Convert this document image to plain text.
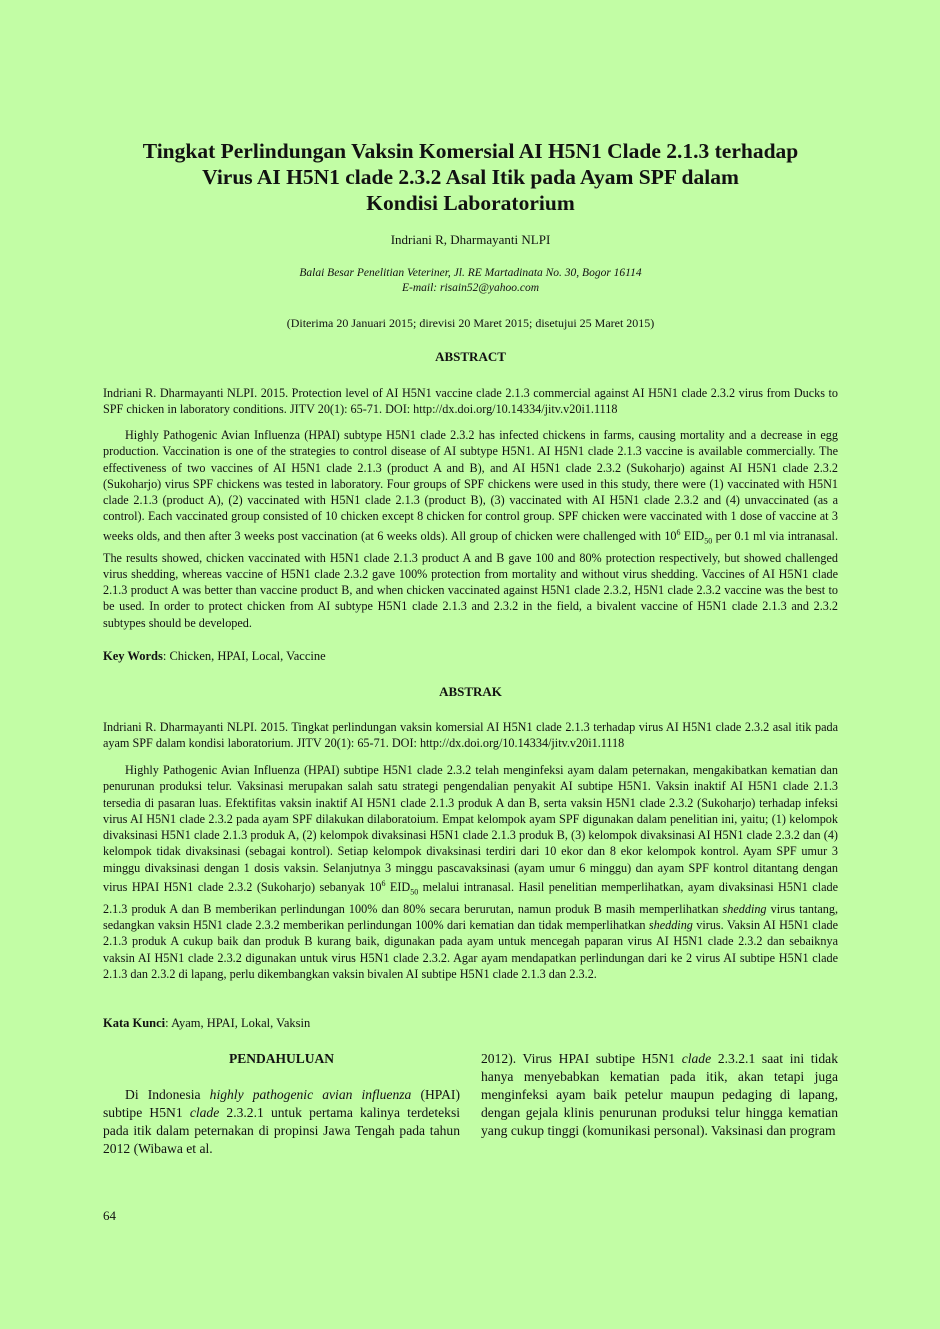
Tingkat Perlindungan Vaksin Komersial AI H5N1 Clade 2.1.3 terhadap
Virus AI H5N1 clade 2.3.2 Asal Itik pada Ayam SPF dalam
Kondisi Laboratorium
Indriani R, Dharmayanti NLPI
Balai Besar Penelitian Veteriner, Jl. RE Martadinata No. 30, Bogor 16114
E-mail: risain52@yahoo.com
(Diterima 20 Januari 2015; direvisi 20 Maret 2015; disetujui 25 Maret 2015)
ABSTRACT
Indriani R. Dharmayanti NLPI. 2015. Protection level of AI H5N1 vaccine clade 2.1.3 commercial against AI H5N1 clade 2.3.2 virus from Ducks to SPF chicken in laboratory conditions. JITV 20(1): 65-71. DOI: http://dx.doi.org/10.14334/jitv.v20i1.1118
Highly Pathogenic Avian Influenza (HPAI) subtype H5N1 clade 2.3.2 has infected chickens in farms, causing mortality and a decrease in egg production. Vaccination is one of the strategies to control disease of AI subtype H5N1. AI H5N1 clade 2.1.3 vaccine is available commercially. The effectiveness of two vaccines of AI H5N1 clade 2.1.3 (product A and B), and AI H5N1 clade 2.3.2 (Sukoharjo) against AI H5N1 clade 2.3.2 (Sukoharjo) virus SPF chickens was tested in laboratory. Four groups of SPF chickens were used in this study, there were (1) vaccinated with H5N1 clade 2.1.3 (product A), (2) vaccinated with H5N1 clade 2.1.3 (product B), (3) vaccinated with AI H5N1 clade 2.3.2 and (4) unvaccinated (as a control). Each vaccinated group consisted of 10 chicken except 8 chicken for control group. SPF chicken were vaccinated with 1 dose of vaccine at 3 weeks olds, and then after 3 weeks post vaccination (at 6 weeks olds). All group of chicken were challenged with $10^6$ $EID_{50}$ per 0.1 ml via intranasal. The results showed, chicken vaccinated with H5N1 clade 2.1.3 product A and B gave 100 and 80% protection respectively, but showed challenged virus shedding, whereas vaccine of H5N1 clade 2.3.2 gave 100% protection from mortality and without virus shedding. Vaccines of AI H5N1 clade 2.1.3 product A was better than vaccine product B, and when chicken vaccinated against H5N1 clade 2.3.2, H5N1 clade 2.3.2 vaccine was the best to be used. In order to protect chicken from AI subtype H5N1 clade 2.1.3 and 2.3.2 in the field, a bivalent vaccine of H5N1 clade 2.1.3 and 2.3.2 subtypes should be developed.
Key Words: Chicken, HPAI, Local, Vaccine
ABSTRAK
Indriani R. Dharmayanti NLPI. 2015. Tingkat perlindungan vaksin komersial AI H5N1 clade 2.1.3 terhadap virus AI H5N1 clade 2.3.2 asal itik pada ayam SPF dalam kondisi laboratorium. JITV 20(1): 65-71. DOI: http://dx.doi.org/10.14334/jitv.v20i1.1118
Highly Pathogenic Avian Influenza (HPAI) subtipe H5N1 clade 2.3.2 telah menginfeksi ayam dalam peternakan, mengakibatkan kematian dan penurunan produksi telur. Vaksinasi merupakan salah satu strategi pengendalian penyakit AI subtipe H5N1. Vaksin inaktif AI H5N1 clade 2.1.3 tersedia di pasaran luas. Efektifitas vaksin inaktif AI H5N1 clade 2.1.3 produk A dan B, serta vaksin H5N1 clade 2.3.2 (Sukoharjo) terhadap infeksi virus AI H5N1 clade 2.3.2 pada ayam SPF dilakukan dilaboratoium. Empat kelompok ayam SPF digunakan dalam penelitian ini, yaitu; (1) kelompok divaksinasi H5N1 clade 2.1.3 produk A, (2) kelompok divaksinasi H5N1 clade 2.1.3 produk B, (3) kelompok divaksinasi AI H5N1 clade 2.3.2 dan (4) kelompok tidak divaksinasi (sebagai kontrol). Setiap kelompok divaksinasi terdiri dari 10 ekor dan 8 ekor kelompok kontrol. Ayam SPF umur 3 minggu divaksinasi dengan 1 dosis vaksin. Selanjutnya 3 minggu pascavaksinasi (ayam umur 6 minggu) dan ayam SPF kontrol ditantang dengan virus HPAI H5N1 clade 2.3.2 (Sukoharjo) sebanyak $10^6$ $EID_{50}$ melalui intranasal. Hasil penelitian memperlihatkan, ayam divaksinasi H5N1 clade 2.1.3 produk A dan B memberikan perlindungan 100% dan 80% secara berurutan, namun produk B masih memperlihatkan shedding virus tantang, sedangkan vaksin H5N1 clade 2.3.2 memberikan perlindungan 100% dari kematian dan tidak memperlihatkan shedding virus. Vaksin AI H5N1 clade 2.1.3 produk A cukup baik dan produk B kurang baik, digunakan pada ayam untuk mencegah paparan virus AI H5N1 clade 2.3.2 dan sebaiknya vaksin AI H5N1 clade 2.3.2 digunakan untuk virus H5N1 clade 2.3.2. Agar ayam mendapatkan perlindungan dari ke 2 virus AI subtipe H5N1 clade 2.1.3 dan 2.3.2 di lapang, perlu dikembangkan vaksin bivalen AI subtipe H5N1 clade 2.1.3 dan 2.3.2.
Kata Kunci: Ayam, HPAI, Lokal, Vaksin
PENDAHULUAN
Di Indonesia highly pathogenic avian influenza (HPAI) subtipe H5N1 clade 2.3.2.1 untuk pertama kalinya terdeteksi pada itik dalam peternakan di propinsi Jawa Tengah pada tahun 2012 (Wibawa et al.
2012). Virus HPAI subtipe H5N1 clade 2.3.2.1 saat ini tidak hanya menyebabkan kematian pada itik, akan tetapi juga menginfeksi ayam baik petelur maupun pedaging di lapang, dengan gejala klinis penurunan produksi telur hingga kematian yang cukup tinggi (komunikasi personal). Vaksinasi dan program
64
